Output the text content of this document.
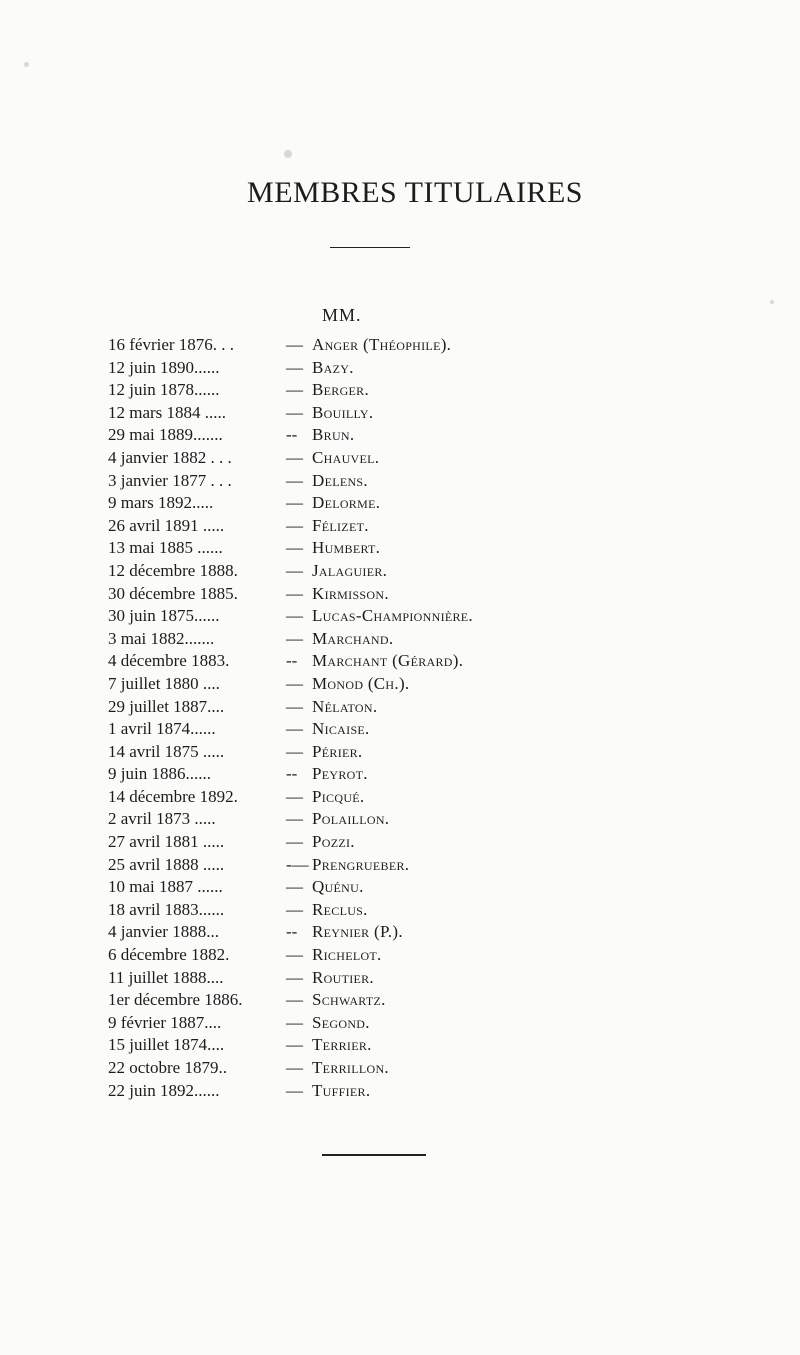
MEMBRES TITULAIRES
MM.
16 février 1876. . .	— Anger (Théophile).
12 juin 1890......	— Bazy.
12 juin 1878......	— Berger.
12 mars 1884 .....	— Bouilly.
29 mai 1889.......	-- Brun.
4 janvier 1882 . . .	— Chauvel.
3 janvier 1877 . . .	— Delens.
9 mars 1892.....	— Delorme.
26 avril 1891 .....	— Félizet.
13 mai 1885 ......	— Humbert.
12 décembre 1888.	— Jalaguier.
30 décembre 1885.	— Kirmisson.
30 juin 1875......	— Lucas-Championnière.
3 mai 1882.......	— Marchand.
4 décembre 1883.	-- Marchant (Gérard).
7 juillet 1880 ....	— Monod (Ch.).
29 juillet 1887....	— Nélaton.
1 avril 1874......	— Nicaise.
14 avril 1875 .....	— Périer.
9 juin 1886......	-- Peyrot.
14 décembre 1892.	— Picqué.
2 avril 1873 .....	— Polaillon.
27 avril 1881 .....	— Pozzi.
25 avril 1888 .....	-— Prengrueber.
10 mai 1887 ......	— Quénu.
18 avril 1883......	— Reclus.
4 janvier 1888...	-- Reynier (P.).
6 décembre 1882.	— Richelot.
11 juillet 1888....	— Routier.
1er décembre 1886.	— Schwartz.
9 février 1887....	— Segond.
15 juillet 1874....	— Terrier.
22 octobre 1879..	— Terrillon.
22 juin 1892......	— Tuffier.
